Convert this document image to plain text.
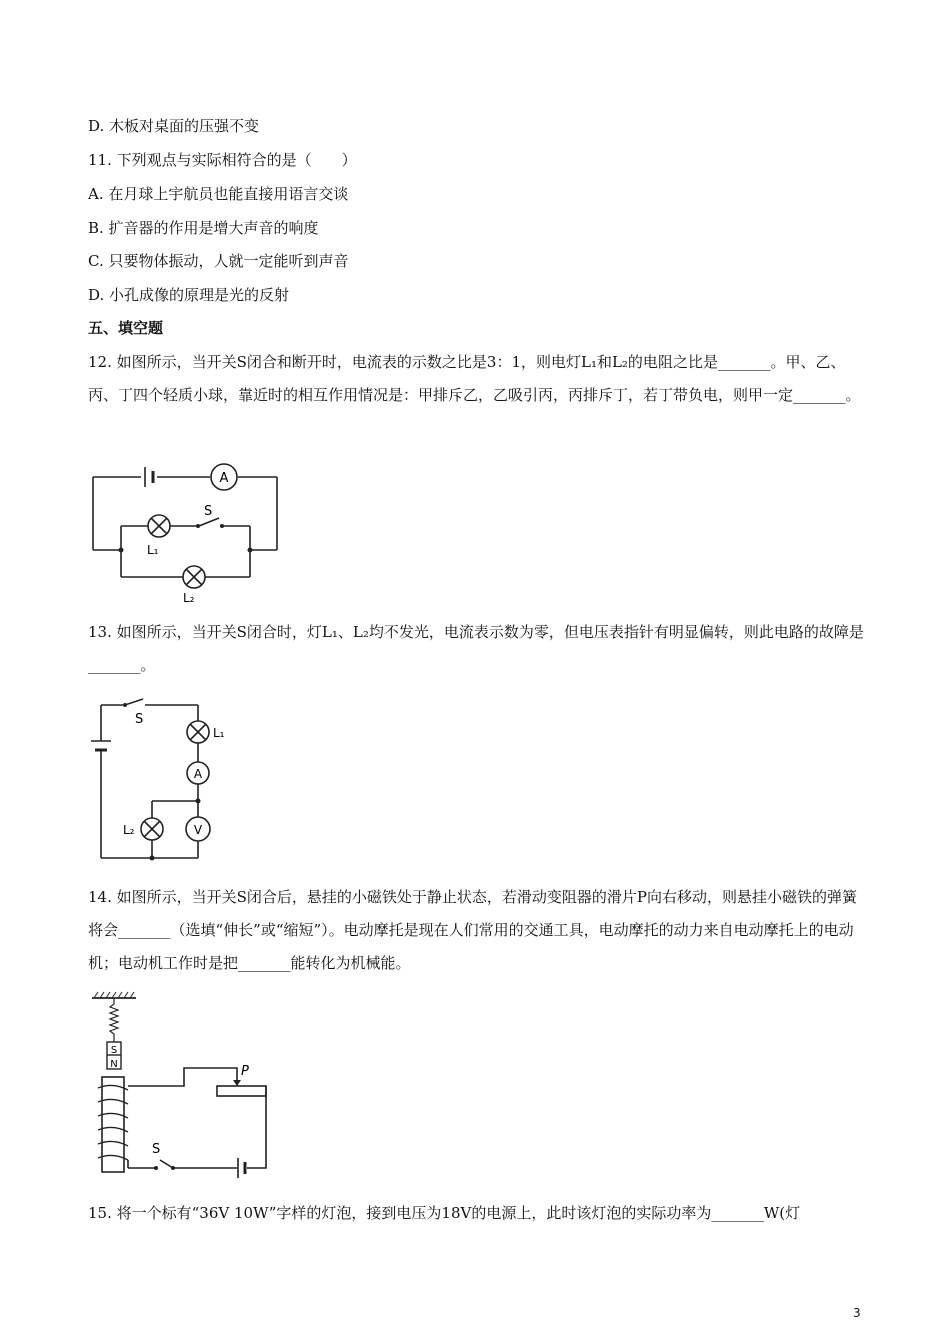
D. 木板对桌面的压强不变
11. 下列观点与实际相符合的是（　　）
A. 在月球上宇航员也能直接用语言交谈
B. 扩音器的作用是增大声音的响度
C. 只要物体振动，人就一定能听到声音
D. 小孔成像的原理是光的反射
五、填空题
12. 如图所示，当开关S闭合和断开时，电流表的示数之比是3：1，则电灯L₁和L₂的电阻之比是_______。甲、乙、丙、丁四个轻质小球，靠近时的相互作用情况是：甲排斥乙，乙吸引丙，丙排斥丁，若丁带负电，则甲一定_______。
A
S
L₁
L₂
13. 如图所示，当开关S闭合时，灯L₁、L₂均不发光，电流表示数为零，但电压表指针有明显偏转，则此电路的故障是_______。
S
L₁
A
L₂	V
14. 如图所示，当开关S闭合后，悬挂的小磁铁处于静止状态，若滑动变阻器的滑片P向右移动，则悬挂小磁铁的弹簧将会_______（选填“伸长”或“缩短”）。电动摩托是现在人们常用的交通工具，电动摩托的动力来自电动摩托上的电动机；电动机工作时是把_______能转化为机械能。
S
N	P
S
15. 将一个标有“36V 10W”字样的灯泡，接到电压为18V的电源上，此时该灯泡的实际功率为_______W(灯
3
